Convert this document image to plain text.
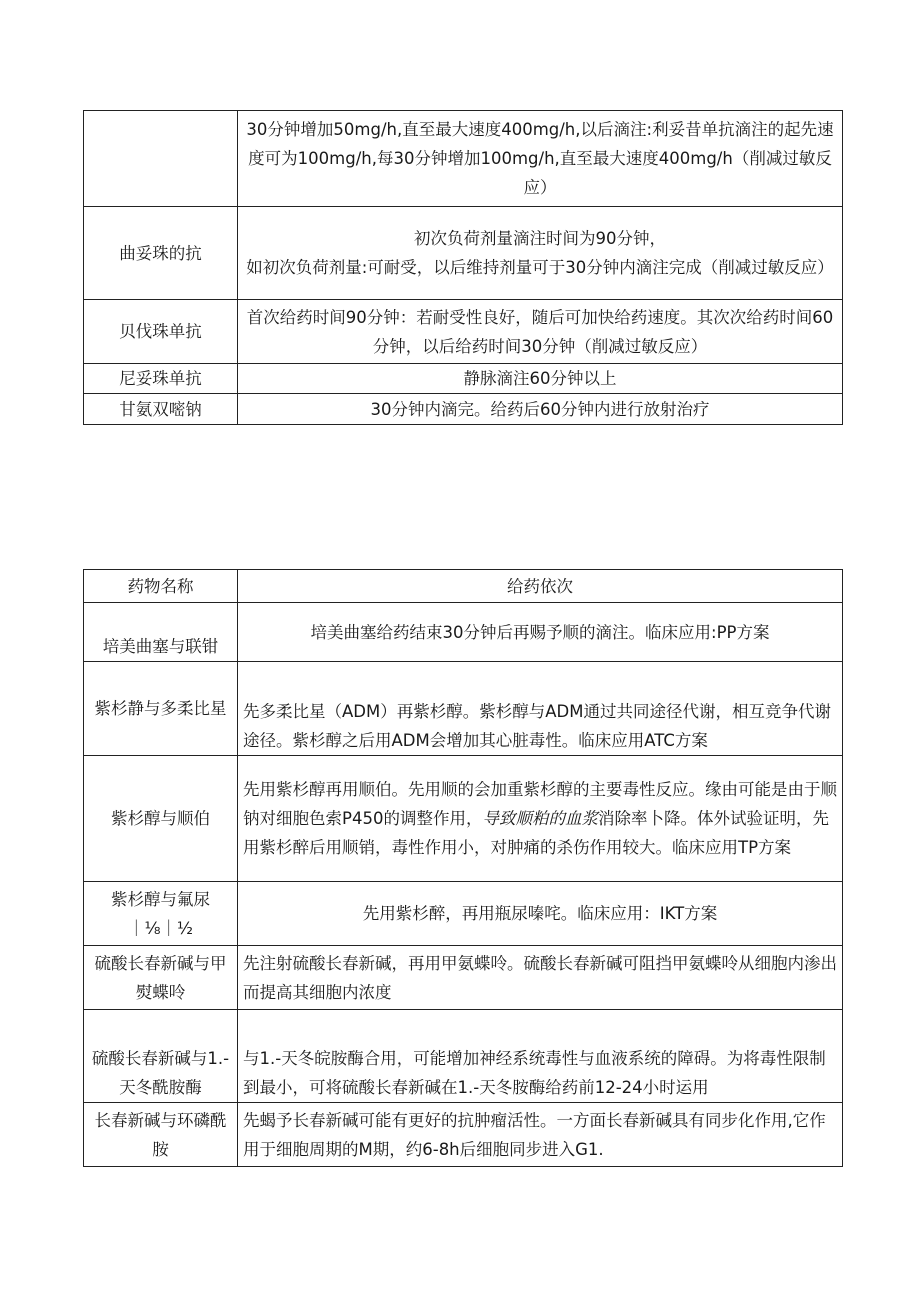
	30分钟增加50mg/h,直至最大速度400mg/h,以后滴注:利妥昔单抗滴注的起先速度可为100mg/h,每30分钟增加100mg/h,直至最大速度400mg/h（削减过敏反应）
曲妥珠的抗	初次负荷剂量滴注时间为90分钟，
如初次负荷剂量:可耐受，以后维持剂量可于30分钟内滴注完成（削减过敏反应）

贝伐珠单抗	首次给药时间90分钟：若耐受性良好，随后可加快给药速度。其次次给药时间60分钟，以后给药时间30分钟（削减过敏反应）
尼妥珠单抗	静脉滴注60分钟以上
甘氨双嘧钠	30分钟内滴完。给药后60分钟内进行放射治疗
药物名称	给药依次
培美曲塞与联钳	培美曲塞给药结束30分钟后再赐予顺的滴注。临床应用:PP方案
紫杉静与多柔比星	先多柔比星（ADM）再紫杉醇。紫杉醇与ADM通过共同途径代谢，相互竞争代谢途径。紫杉醇之后用ADM会增加其心脏毒性。临床应用ATC方案
紫杉醇与顺伯	先用紫杉醇再用顺伯。先用顺的会加重紫杉醇的主要毒性反应。缘由可能是由于顺钠对细胞色索P450的调整作用，导致顺粕的血浆消除率卜降。体外试验证明，先用紫杉醉后用顺销，毒性作用小，对肿痛的杀伤作用较大。临床应用TP方案

紫杉醇与氟尿
｜⅛｜½	先用紫杉醉，再用瓶尿嗪咤。临床应用：IKT方案
硫酸长春新碱与甲熨蝶呤	先注射硫酸长春新碱，再用甲氨蝶呤。硫酸长春新碱可阻挡甲氨蝶呤从细胞内渗出而提高其细胞内浓度
硫酸长春新碱与1.-天冬酰胺酶	与1.-天冬皖胺酶合用，可能增加神经系统毒性与血液系统的障碍。为将毒性限制到最小，可将硫酸长春新碱在1.-天冬胺酶给药前12-24小时运用
长春新碱与环磷酰胺	先蝎予长春新碱可能有更好的抗肿瘤活性。一方面长春新碱具有同步化作用,它作用于细胞周期的M期，约6-8h后细胞同步进入G1.
